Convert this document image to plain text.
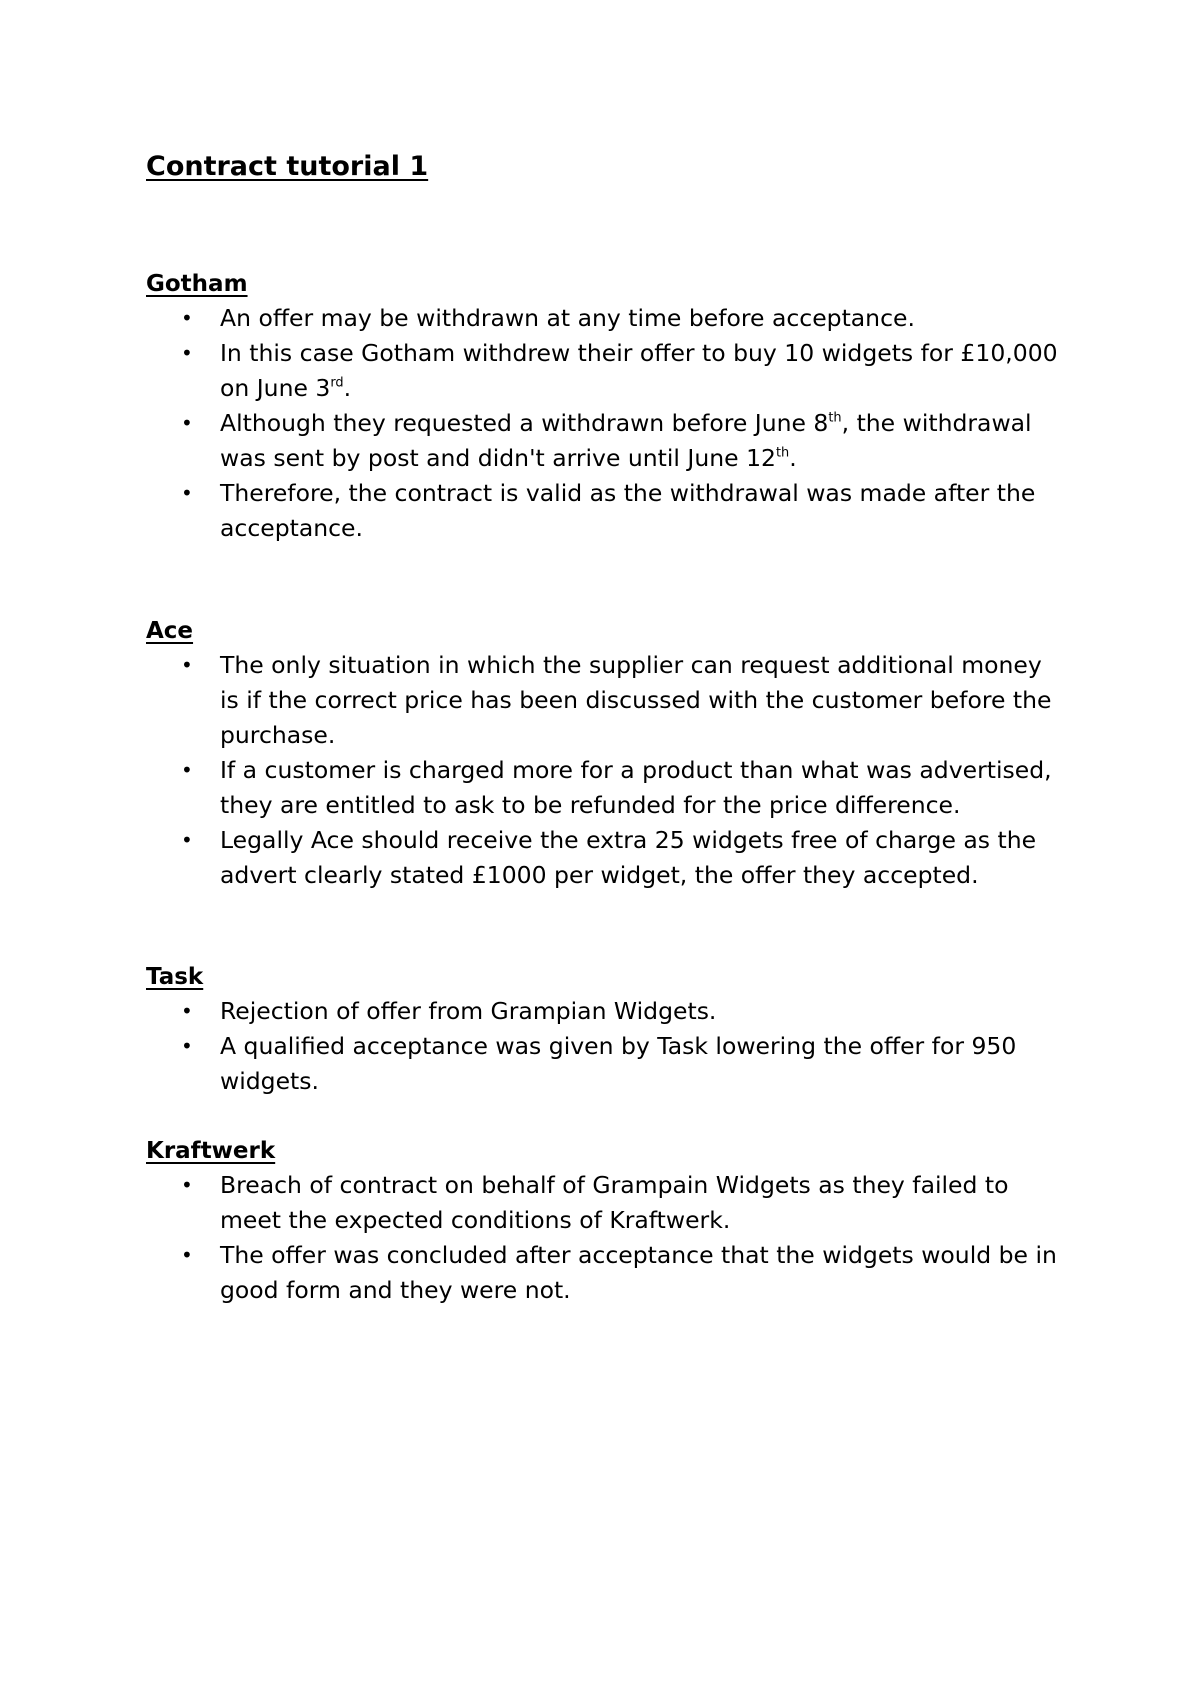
Contract tutorial 1
Gotham
• An offer may be withdrawn at any time before acceptance.
• In this case Gotham withdrew their offer to buy 10 widgets for £10,000 on June 3rd.
• Although they requested a withdrawn before June 8th, the withdrawal was sent by post and didn't arrive until June 12th.
• Therefore, the contract is valid as the withdrawal was made after the acceptance.
Ace
• The only situation in which the supplier can request additional money is if the correct price has been discussed with the customer before the purchase.
• If a customer is charged more for a product than what was advertised, they are entitled to ask to be refunded for the price difference.
• Legally Ace should receive the extra 25 widgets free of charge as the advert clearly stated £1000 per widget, the offer they accepted.
Task
• Rejection of offer from Grampian Widgets.
• A qualified acceptance was given by Task lowering the offer for 950 widgets.
Kraftwerk
• Breach of contract on behalf of Grampain Widgets as they failed to meet the expected conditions of Kraftwerk.
• The offer was concluded after acceptance that the widgets would be in good form and they were not.
